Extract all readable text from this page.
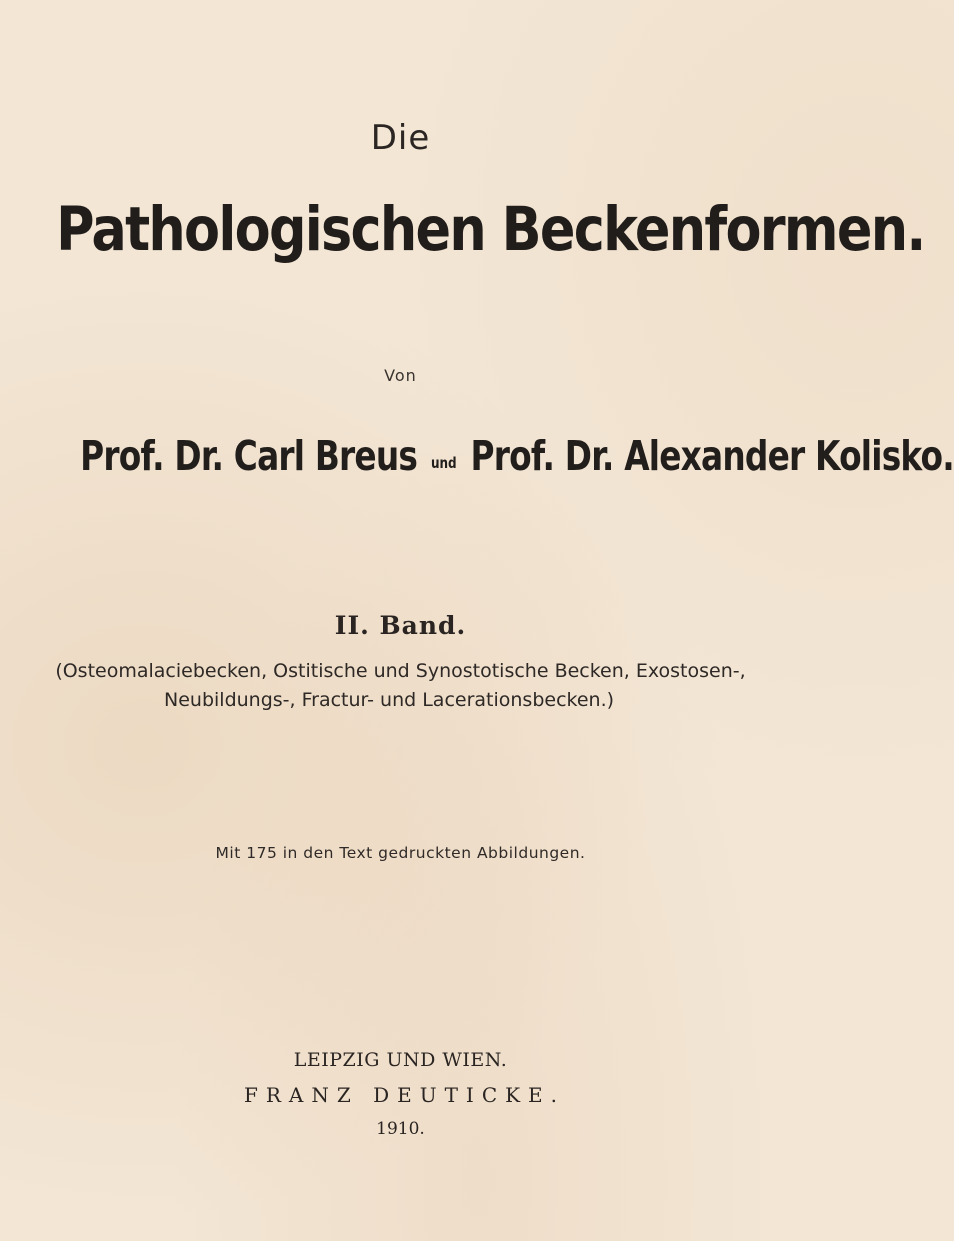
Die
Pathologischen Beckenformen.
Von
Prof. Dr. Carl Breus und Prof. Dr. Alexander Kolisko.
II. Band.
(Osteomalaciebecken, Ostitische und Synostotische Becken, Exostosen-,
Neubildungs-, Fractur- und Lacerationsbecken.)
Mit 175 in den Text gedruckten Abbildungen.
LEIPZIG UND WIEN.
FRANZ DEUTICKE.
1910.
